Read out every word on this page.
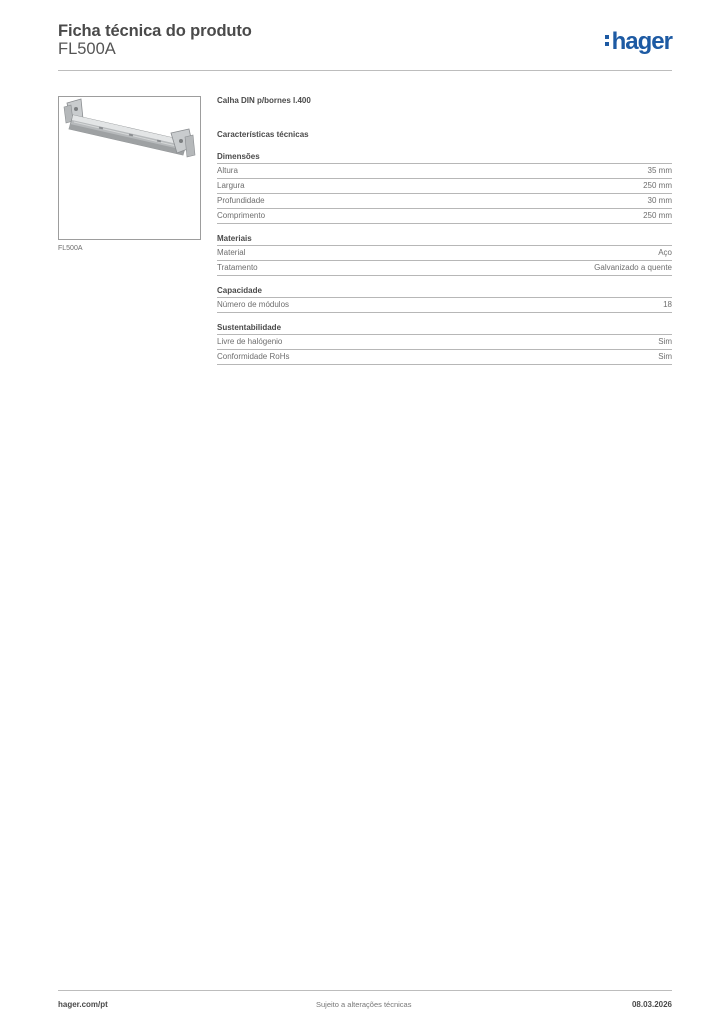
Ficha técnica do produto
FL500A	hager
FL500A
Calha DIN p/bornes l.400
Características técnicas
Dimensões
Altura	35 mm
Largura	250 mm
Profundidade	30 mm
Comprimento	250 mm
Materiais
Material	Aço
Tratamento	Galvanizado a quente
Capacidade
Número de módulos	18
Sustentabilidade
Livre de halógenio	Sim
Conformidade RoHs	Sim
hager.com/pt	Sujeito a alterações técnicas	08.03.2026
